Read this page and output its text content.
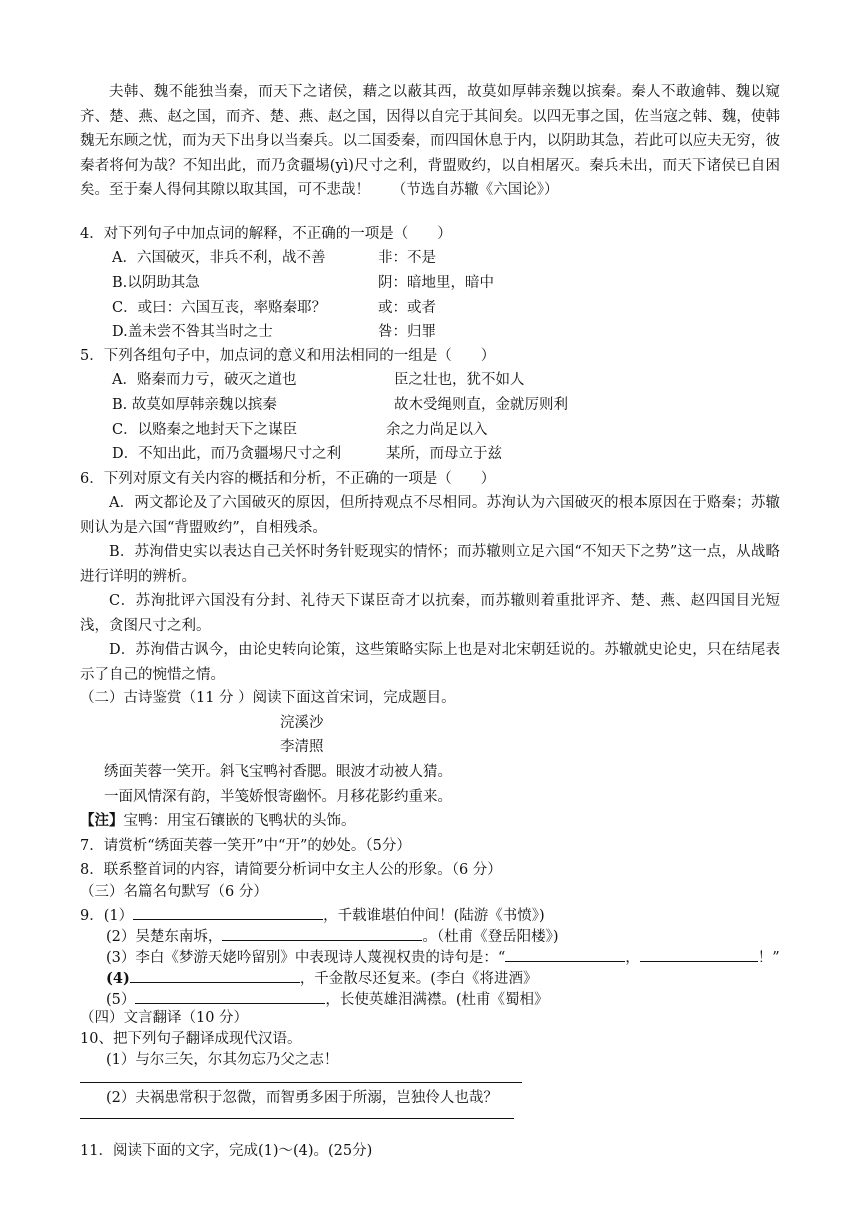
夫韩、魏不能独当秦，而天下之诸侯，藉之以蔽其西，故莫如厚韩亲魏以摈秦。秦人不敢逾韩、魏以窥齐、楚、燕、赵之国，而齐、楚、燕、赵之国，因得以自完于其间矣。以四无事之国，佐当寇之韩、魏，使韩魏无东顾之忧，而为天下出身以当秦兵。以二国委秦，而四国休息于内，以阴助其急，若此可以应夫无穷，彼秦者将何为哉？不知出此，而乃贪疆埸(yì)尺寸之利，背盟败约，以自相屠灭。秦兵未出，而天下诸侯已自困矣。至于秦人得伺其隙以取其国，可不悲哉！　　（节选自苏辙《六国论》）
4．对下列句子中加点词的解释，不正确的一项是（　　）
A．六国破灭，非兵不利，战不善	非：不是
B.以阴助其急	阴：暗地里，暗中
C．或曰：六国互丧，率赂秦耶？	或：或者
D.盖未尝不咎其当时之士	咎：归罪
5．下列各组句子中，加点词的意义和用法相同的一组是（　　）
A．赂秦而力亏，破灭之道也	臣之壮也，犹不如人
B. 故莫如厚韩亲魏以摈秦	故木受绳则直，金就厉则利
C．以赂秦之地封天下之谋臣	余之力尚足以入
D．不知出此，而乃贪疆埸尺寸之利	某所，而母立于兹
6．下列对原文有关内容的概括和分析，不正确的一项是（　　）
A．两文都论及了六国破灭的原因，但所持观点不尽相同。苏洵认为六国破灭的根本原因在于赂秦；苏辙则认为是六国“背盟败约”，自相残杀。
B．苏洵借史实以表达自己关怀时务针贬现实的情怀；而苏辙则立足六国“不知天下之势”这一点，从战略进行详明的辨析。
C．苏洵批评六国没有分封、礼待天下谋臣奇才以抗秦，而苏辙则着重批评齐、楚、燕、赵四国目光短浅，贪图尺寸之利。
D．苏洵借古讽今，由论史转向论策，这些策略实际上也是对北宋朝廷说的。苏辙就史论史，只在结尾表示了自己的惋惜之情。
（二）古诗鉴赏（11 分 ）阅读下面这首宋词，完成题目。
浣溪沙
李清照
绣面芙蓉一笑开。斜飞宝鸭衬香腮。眼波才动被人猜。
一面风情深有韵，半笺娇恨寄幽怀。月移花影约重来。
【注】宝鸭：用宝石镶嵌的飞鸭状的头饰。
7．请赏析“绣面芙蓉一笑开”中“开”的妙处。（5分）
8．联系整首词的内容，请简要分析词中女主人公的形象。（6 分）
（三）名篇名句默写（6 分）
9．(1）	，千载谁堪伯仲间！(陆游《书愤》)
(2）吴楚东南坼，	。（杜甫《登岳阳楼》)
(3）李白《梦游天姥吟留别》中表现诗人蔑视权贵的诗句是：“	，	！”
(4)	，千金散尽还复来。(李白《将进酒》
(5）	，长使英雄泪满襟。(杜甫《蜀相》
（四）文言翻译（10 分）
10、把下列句子翻译成现代汉语。
(1）与尔三矢，尔其勿忘乃父之志！
(2）夫祸患常积于忽微，而智勇多困于所溺，岂独伶人也哉？
11．阅读下面的文字，完成(1)～(4)。(25分)
